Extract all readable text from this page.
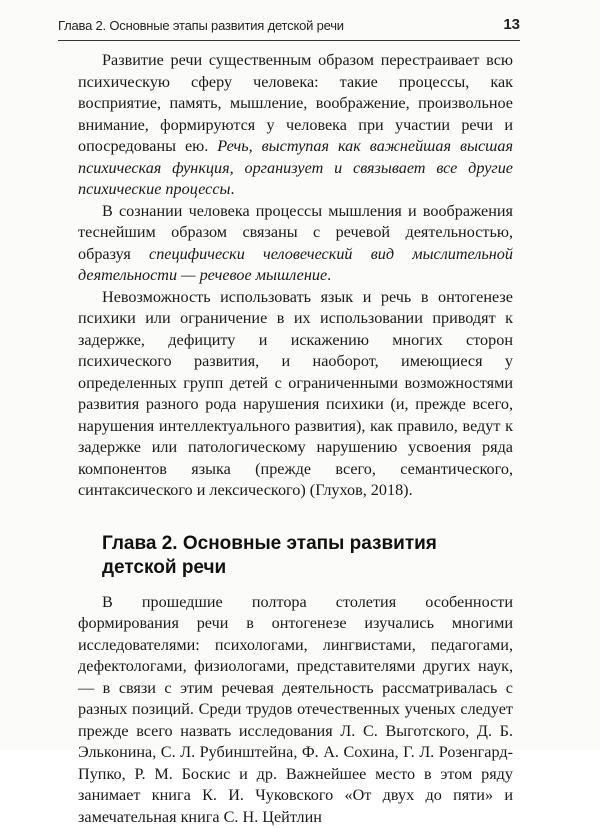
Глава 2. Основные этапы развития детской речи	13

Развитие речи существенным образом перестраивает всю психическую сферу человека: такие процессы, как восприятие, память, мышление, воображение, произвольное внимание, формируются у человека при участии речи и опосредованы ею. Речь, выступая как важнейшая высшая психическая функция, организует и связывает все другие психические процессы.

В сознании человека процессы мышления и воображения теснейшим образом связаны с речевой деятельностью, образуя специфически человеческий вид мыслительной деятельности — речевое мышление.

Невозможность использовать язык и речь в онтогенезе психики или ограничение в их использовании приводят к задержке, дефициту и искажению многих сторон психического развития, и наоборот, имеющиеся у определенных групп детей с ограниченными возможностями развития разного рода нарушения психики (и, прежде всего, нарушения интеллектуального развития), как правило, ведут к задержке или патологическому нарушению усвоения ряда компонентов языка (прежде всего, семантического, синтаксического и лексического) (Глухов, 2018).

Глава 2. Основные этапы развития
детской речи

В прошедшие полтора столетия особенности формирования речи в онтогенезе изучались многими исследователями: психологами, лингвистами, педагогами, дефектологами, физиологами, представителями других наук, — в связи с этим речевая деятельность рассматривалась с разных позиций. Среди трудов отечественных ученых следует прежде всего назвать исследования Л. С. Выготского, Д. Б. Эльконина, С. Л. Рубинштейна, Ф. А. Сохина, Г. Л. Розенгард-Пупко, Р. М. Боскис и др. Важнейшее место в этом ряду занимает книга К. И. Чуковского «От двух до пяти» и замечательная книга С. Н. Цейтлин
